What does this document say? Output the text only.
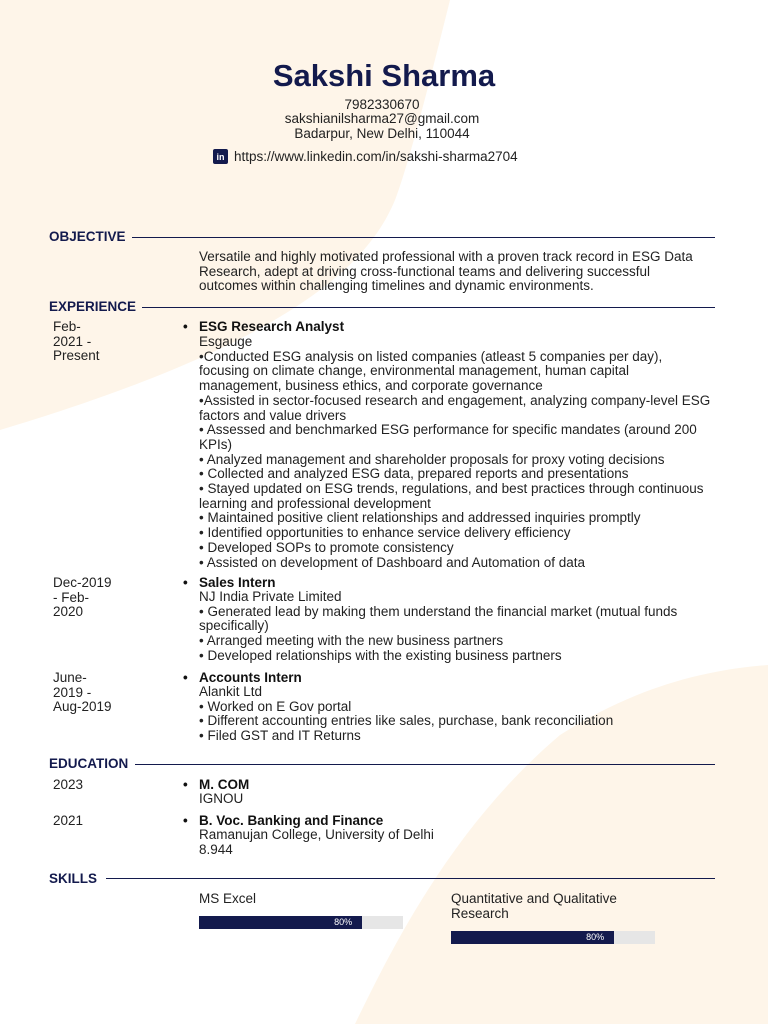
Sakshi Sharma
7982330670
sakshianilsharma27@gmail.com
Badarpur, New Delhi, 110044
in https://www.linkedin.com/in/sakshi-sharma2704
OBJECTIVE
Versatile and highly motivated professional with a proven track record in ESG Data
Research, adept at driving cross-functional teams and delivering successful
outcomes within challenging timelines and dynamic environments.
EXPERIENCE
Feb-
2021 -
Present
• ESG Research Analyst
Esgauge
•Conducted ESG analysis on listed companies (atleast 5 companies per day),
focusing on climate change, environmental management, human capital
management, business ethics, and corporate governance
•Assisted in sector-focused research and engagement, analyzing company-level ESG
factors and value drivers
• Assessed and benchmarked ESG performance for specific mandates (around 200
KPIs)
• Analyzed management and shareholder proposals for proxy voting decisions
• Collected and analyzed ESG data, prepared reports and presentations
• Stayed updated on ESG trends, regulations, and best practices through continuous
learning and professional development
• Maintained positive client relationships and addressed inquiries promptly
• Identified opportunities to enhance service delivery efficiency
• Developed SOPs to promote consistency
• Assisted on development of Dashboard and Automation of data
Dec-2019
- Feb-
2020
• Sales Intern
NJ India Private Limited
• Generated lead by making them understand the financial market (mutual funds
specifically)
• Arranged meeting with the new business partners
• Developed relationships with the existing business partners
June-
2019 -
Aug-2019
• Accounts Intern
Alankit Ltd
• Worked on E Gov portal
• Different accounting entries like sales, purchase, bank reconciliation
• Filed GST and IT Returns
EDUCATION
2023	• M. COM
IGNOU
2021	• B. Voc. Banking and Finance
Ramanujan College, University of Delhi
8.944
SKILLS
MS Excel
80%
Quantitative and Qualitative
Research
80%
